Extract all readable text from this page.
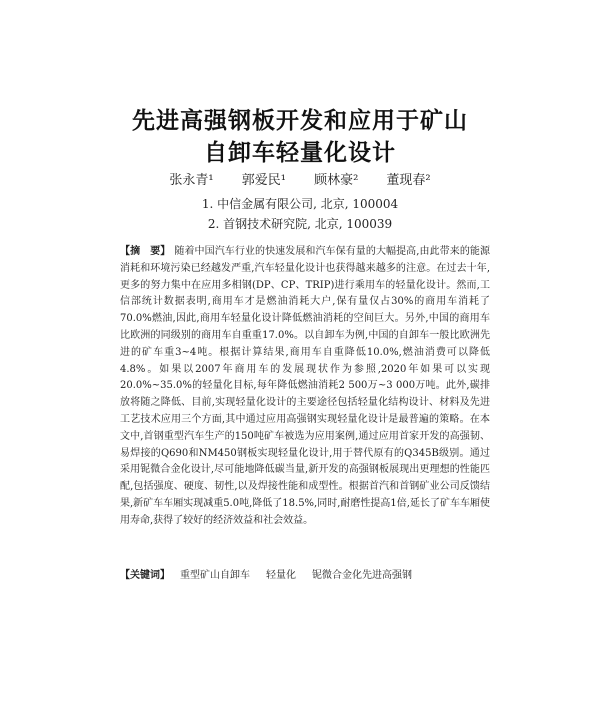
先进高强钢板开发和应用于矿山
自卸车轻量化设计
张永青¹ 郭爱民¹ 顾林豪² 董现春²
1. 中信金属有限公司, 北京, 100004
2. 首钢技术研究院, 北京, 100039
【摘　要】 随着中国汽车行业的快速发展和汽车保有量的大幅提高,由此带来的能源消耗和环境污染已经越发严重,汽车轻量化设计也获得越来越多的注意。在过去十年,更多的努力集中在应用多相钢(DP、CP、TRIP)进行乘用车的轻量化设计。然而,工信部统计数据表明,商用车才是燃油消耗大户,保有量仅占30%的商用车消耗了70.0%燃油,因此,商用车轻量化设计降低燃油消耗的空间巨大。另外,中国的商用车比欧洲的同级别的商用车自重重17.0%。以自卸车为例,中国的自卸车一般比欧洲先进的矿车重3~4吨。根据计算结果,商用车自重降低10.0%,燃油消费可以降低4.8%。如果以2007年商用车的发展现状作为参照,2020年如果可以实现20.0%~35.0%的轻量化目标,每年降低燃油消耗2 500万~3 000万吨。此外,碳排放将随之降低、目前,实现轻量化设计的主要途径包括轻量化结构设计、材料及先进工艺技术应用三个方面,其中通过应用高强钢实现轻量化设计是最普遍的策略。在本文中,首钢重型汽车生产的150吨矿车被选为应用案例,通过应用首家开发的高强韧、易焊接的Q690和NM450钢板实现轻量化设计,用于替代原有的Q345B级别。通过采用铌微合金化设计,尽可能地降低碳当量,新开发的高强钢板展现出更理想的性能匹配,包括强度、硬度、韧性,以及焊接性能和成型性。根据首汽和首钢矿业公司反馈结果,新矿车车厢实现减重5.0吨,降低了18.5%,同时,耐磨性提高1倍,延长了矿车车厢使用寿命,获得了较好的经济效益和社会效益。
【关键词】 重型矿山自卸车 轻量化 铌微合金化先进高强钢
